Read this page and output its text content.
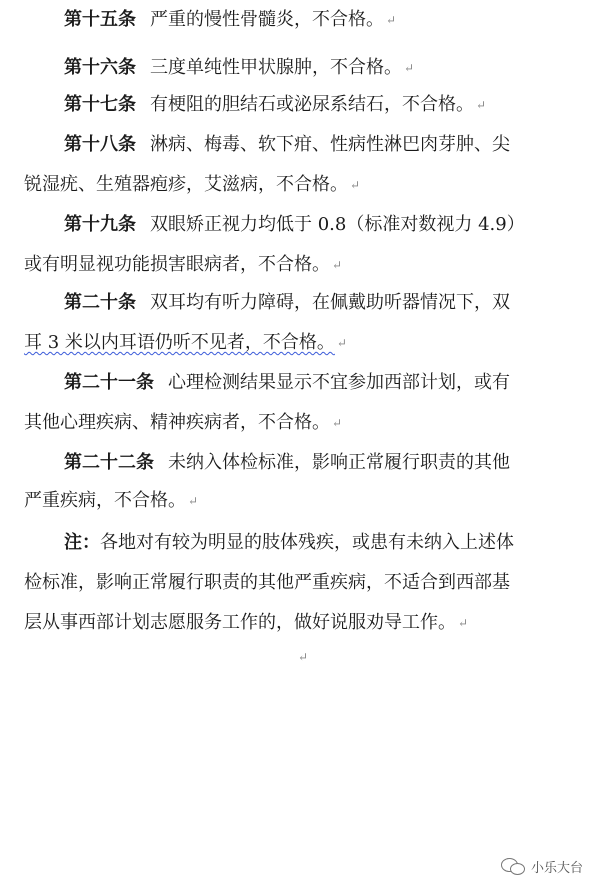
第十五条 严重的慢性骨髓炎，不合格。 ↵
第十六条 三度单纯性甲状腺肿，不合格。 ↵
第十七条 有梗阻的胆结石或泌尿系结石，不合格。 ↵
第十八条 淋病、梅毒、软下疳、性病性淋巴肉芽肿、尖
锐湿疣、生殖器疱疹，艾滋病，不合格。 ↵
第十九条 双眼矫正视力均低于 0.8（标准对数视力 4.9）
或有明显视功能损害眼病者，不合格。 ↵
第二十条 双耳均有听力障碍，在佩戴助听器情况下，双
耳 3 米以内耳语仍听不见者，不合格。 ↵
第二十一条 心理检测结果显示不宜参加西部计划，或有
其他心理疾病、精神疾病者，不合格。 ↵
第二十二条 未纳入体检标准，影响正常履行职责的其他
严重疾病，不合格。 ↵
注：各地对有较为明显的肢体残疾，或患有未纳入上述体
检标准，影响正常履行职责的其他严重疾病，不适合到西部基
层从事西部计划志愿服务工作的，做好说服劝导工作。 ↵
↵
小乐大台
